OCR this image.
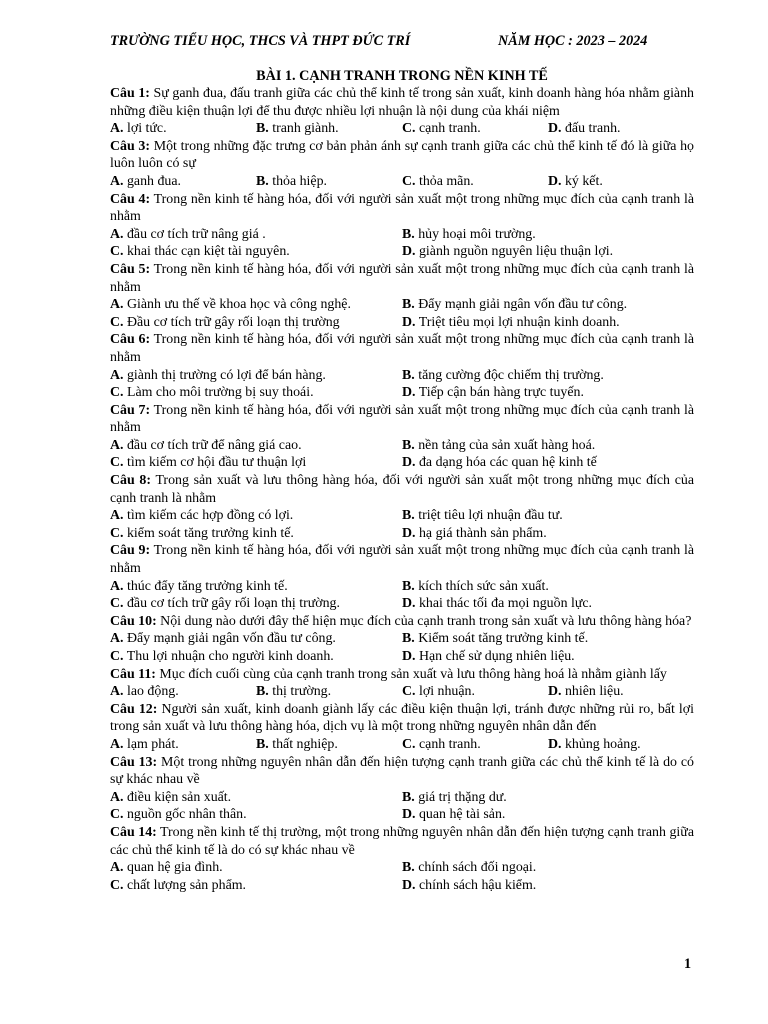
TRƯỜNG TIỂU HỌC, THCS VÀ THPT ĐỨC TRÍ	NĂM HỌC : 2023 – 2024
BÀI 1. CẠNH TRANH TRONG NỀN KINH TẾ
Câu 1: Sự ganh đua, đấu tranh giữa các chủ thể kinh tế trong sản xuất, kinh doanh hàng hóa nhằm giành những điều kiện thuận lợi để thu được nhiều lợi nhuận là nội dung của khái niệm
A. lợi tức.	B. tranh giành.	C. cạnh tranh.	D. đấu tranh.
Câu 3: Một trong những đặc trưng cơ bản phản ánh sự cạnh tranh giữa các chủ thể kinh tế đó là giữa họ luôn luôn có sự
A. ganh đua.	B. thỏa hiệp.	C. thỏa mãn.	D. ký kết.
Câu 4: Trong nền kinh tế hàng hóa, đối với người sản xuất một trong những mục đích của cạnh tranh là nhằm
A. đầu cơ tích trữ nâng giá .	B. hủy hoại môi trường.
C. khai thác cạn kiệt tài nguyên.	D. giành nguồn nguyên liệu thuận lợi.
Câu 5: Trong nền kinh tế hàng hóa, đối với người sản xuất một trong những mục đích của cạnh tranh là nhằm
A. Giành ưu thế về khoa học và công nghệ.	B. Đẩy mạnh giải ngân vốn đầu tư công.
C. Đầu cơ tích trữ gây rối loạn thị trường	D. Triệt tiêu mọi lợi nhuận kinh doanh.
Câu 6: Trong nền kinh tế hàng hóa, đối với người sản xuất một trong những mục đích của cạnh tranh là nhằm
A. giành thị trường có lợi để bán hàng.	B. tăng cường độc chiếm thị trường.
C. Làm cho môi trường bị suy thoái.	D. Tiếp cận bán hàng trực tuyến.
Câu 7: Trong nền kinh tế hàng hóa, đối với người sản xuất một trong những mục đích của cạnh tranh là nhằm
A. đầu cơ tích trữ để nâng giá cao.	B. nền tảng của sản xuất hàng hoá.
C. tìm kiếm cơ hội đầu tư thuận lợi	D. đa dạng hóa các quan hệ kinh tế
Câu 8: Trong sản xuất và lưu thông hàng hóa, đối với người sản xuất một trong những mục đích của cạnh tranh là nhằm
A. tìm kiếm các hợp đồng có lợi.	B. triệt tiêu lợi nhuận đầu tư.
C. kiểm soát tăng trưởng kinh tế.	D. hạ giá thành sản phẩm.
Câu 9: Trong nền kinh tế hàng hóa, đối với người sản xuất một trong những mục đích của cạnh tranh là nhằm
A. thúc đẩy tăng trưởng kinh tế.	B. kích thích sức sản xuất.
C. đầu cơ tích trữ gây rối loạn thị trường.	D. khai thác tối đa mọi nguồn lực.
Câu 10: Nội dung nào dưới đây thể hiện mục đích của cạnh tranh trong sản xuất và lưu thông hàng hóa?
A. Đẩy mạnh giải ngân vốn đầu tư công.	B. Kiểm soát tăng trưởng kinh tế.
C. Thu lợi nhuận cho người kinh doanh.	D. Hạn chế sử dụng nhiên liệu.
Câu 11: Mục đích cuối cùng của cạnh tranh trong sản xuất và lưu thông hàng hoá là nhằm giành lấy
A. lao động.	B. thị trường.	C. lợi nhuận.	D. nhiên liệu.
Câu 12: Người sản xuất, kinh doanh giành lấy các điều kiện thuận lợi, tránh được những rủi ro, bất lợi trong sản xuất và lưu thông hàng hóa, dịch vụ là một trong những nguyên nhân dẫn đến
A. lạm phát.	B. thất nghiệp.	C. cạnh tranh.	D. khủng hoảng.
Câu 13: Một trong những nguyên nhân dẫn đến hiện tượng cạnh tranh giữa các chủ thể kinh tế là do có sự khác nhau về
A. điều kiện sản xuất.	B. giá trị thặng dư.
C. nguồn gốc nhân thân.	D. quan hệ tài sản.
Câu 14: Trong nền kinh tế thị trường, một trong những nguyên nhân dẫn đến hiện tượng cạnh tranh giữa các chủ thể kinh tế là do có sự khác nhau về
A. quan hệ gia đình.	B. chính sách đối ngoại.
C. chất lượng sản phẩm.	D. chính sách hậu kiểm.
1
